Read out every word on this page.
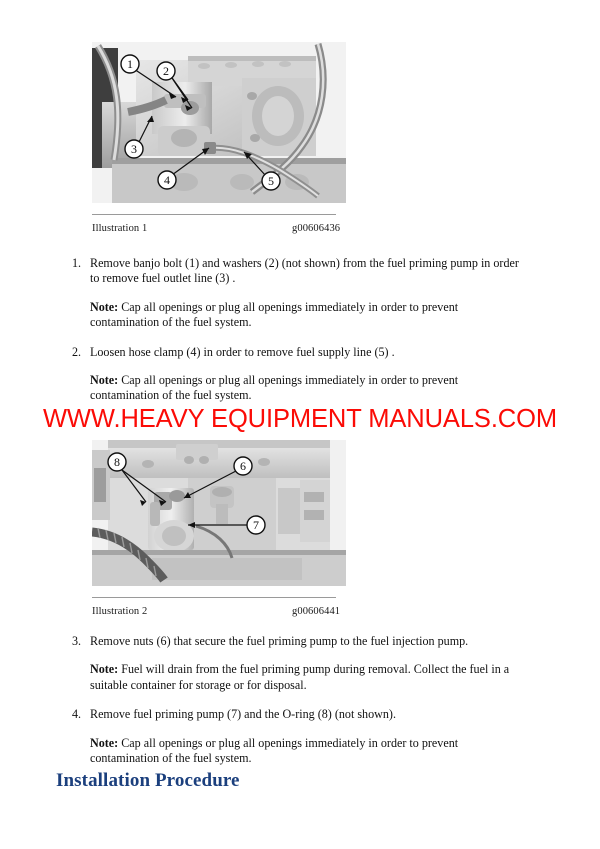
1	2
3
4	5
Illustration 1	g00606436
1. Remove banjo bolt (1) and washers (2) (not shown) from the fuel priming pump in order to remove fuel outlet line (3) .
Note: Cap all openings or plug all openings immediately in order to prevent contamination of the fuel system.
2. Loosen hose clamp (4) in order to remove fuel supply line (5) .
Note: Cap all openings or plug all openings immediately in order to prevent contamination of the fuel system.
WWW.HEAVY EQUIPMENT MANUALS.COM
8	6
7
Illustration 2	g00606441
3. Remove nuts (6) that secure the fuel priming pump to the fuel injection pump.
Note: Fuel will drain from the fuel priming pump during removal. Collect the fuel in a suitable container for storage or for disposal.
4. Remove fuel priming pump (7) and the O-ring (8) (not shown).
Note: Cap all openings or plug all openings immediately in order to prevent contamination of the fuel system.
Installation Procedure
